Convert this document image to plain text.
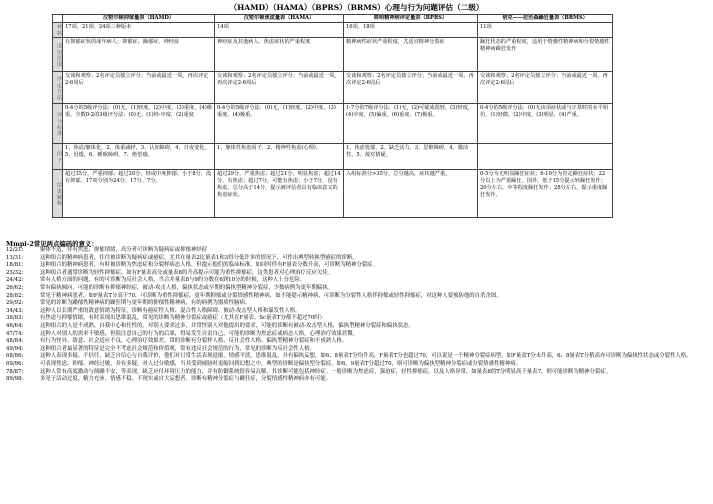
（HAMD）（HAMA）（BPRS）（BRMS）心理与行为问题评估（二级）
	汉密尔顿抑郁量表（HAMD）	汉密尔顿焦虑量表（HAMA）	简明精神病评定量表（BPRS）	倍克——拉范森躁狂量表（BRMS）
材料	17项、21项、24项三种版本	14项	16项、18项	11项
适用范围	有抑郁症状的成年病人；抑郁症、躁郁症、神经症	神经症及其他病人，焦虑症状的严重程度	精神病性症状严重程度，尤适宜精神分裂症	躁狂状态的严重程度，适用于情感性精神病和分裂情感性精神病躁狂发作
评定方法	交谈和观察；2名评定员独立评分；当前或最近一周，再次评定2-6周后	交谈和观察；2名评定员独立评分；当前或最近一周，再次评定2-6周后	交谈和观察；2名评定员独立评分；当前或最近一周，再次评定2-6周后	交谈和观察；2名评定员独立评分；当前或最近一周，再次评定2-6周后
评分标准	0-4分的5级评分法：(0)无，(1)轻度，(2)中度，(3)重度，(4)极重。少数0-2的3级评分法：(0)无，(1)轻-中度，(2)重度	0-4分的5级评分法：(0)无，(1)轻度，(2)中度，(3)重度，(4)极重。	1-7分的7级评分法：(1)无，(2)可疑或很轻，(3)轻度，(4)中度，(5)偏重，(6)重度，(7)极重。	0-4分的5级评分法：(0)无该项症状或与正常时的水平相仿，(1)轻微，(2)中度，(3)明显，(4)严重。
因子	1、焦虑/躯体化，2、体重减轻，3、认知障碍，4、日夜变化，5、迟缓，6、睡眠障碍，7、绝望感。	1、躯体性焦虑因子，2、精神性焦虑(心理)。	1、焦虑忧郁，2、缺乏活力，3、思维障碍，4、激活性，5、敌对猜疑。	
结果解释	超过35分，严重抑郁；超过20分，轻或中度抑郁；小于8分，没有抑郁。17项分别为24分、17分、7分。	超过29分，严重焦虑；超过21分，明显焦虑；超过14分，有焦虑；超过7分，可能有焦虑；小于7分，没有焦虑。总分高于14分，提示被评估者具有临床意义的焦虑症状。	入组标准分>35分，总分越高，症状越严重。	0-5分为无明显躁狂症状；6-10分为肯定躁狂症状；22分以上为严重躁狂。国外，低于15分提示轻躁狂发作；20分左右，中等程度躁狂发作；28分左右，提示重度躁狂发作。
Mmpi-2常见两点编码的意义：
12/21:	躯体不适，伴有焦虑、抑郁情绪，高分者可诊断为疑病症或抑郁神经症
13/31:	这种组合的精神病患者，往往被诊断为疑病症或癔症。尤其在量表2比量表1和3得分低许多的情况下，可作出典型转换型癔症的诊断。
18/81:	这种组合的精神病患者，有时被诊断为焦虑症和分裂样病态人格，但提示他们的临床标准，如同时伴有F量表分数升高，可诊断为精神分裂症。
23/32:	这种组合者通常诊断为轻性抑郁症，如有F量表高分或量表8的升高提示可能为重性抑郁症，这类患者对心理治疗反应欠佳。
24/42:	常有人格方面的问题，有的可诊断为反社会人格，当合并量表8与9的分数在6到10分的时候，这种人十分危险。
26/62:	常有偏执倾向，可能的诊断有抑郁神经症，被动-攻击人格，偏执状态或早期的偏执型精神分裂症，少数病例为更年期偏执。
28/82:	常见于精神病患者，如F量表T分高于70，可诊断为重性抑郁症，更年期抑郁或分裂情感性精神病，如不能提示精神病，可诊断为分裂性人格伴抑郁或轻性抑郁症，对这种人要预防他的自杀企图。
29/92:	常见的诊断为躁郁性精神病的躁狂期与更年期的抑郁性精神病，有的病例为器质性脑病。
34/43:	这种人以长期严重的敌意情绪为特征，诊断有癔症性人格、混合性人格障碍、被动-攻击型人格和暴发性人格。
38/83:	有焦虑与抑郁情绪，有时表现出思维混乱，常见的诊断为精神分裂症或癔症（尤其在F量表、Sc量表T分都不超过70时）
46/64:	这种组合的人是不成熟、自我中心和任性的，对别人要求过多，并常怪别人对他提出的要求，可能的诊断有被动-攻击型人格，偏执型精神分裂症和偏执状态。
47/74:	这种人对别人的需求不敏感，但很注意自己的行为的后果，得易发生自责自己，可能的诊断为焦虑症或病态人格，心理治疗效果甚微。
48/84:	有行为怪异、敌意、社会适应不良，心理治疗效果差，常的诊断有分裂样人格、反社会性人格、偏执型精神分裂症和不成熟人格。
49/94:	这种组合者最显著的特征是完全不考虑社会规范和价值观，常有违反社会规范的行为，常见的诊断为反社会性人格。
68/86:	这种人表现多疑、不信任、缺乏自信心与自我评价，他们对日常生活表现退缩，情感平淡，思维混乱，并有偏执妄想，如6、8量表T分均升高，F量表T分也超过70，可以说是一个精神分裂症病型。如F量表T分未升高，6、8量表T分稍高亦可诊断为偏执性状态或分裂性人格。
69/96:	可表现焦虑、抑郁、神经过敏，并有多疑，对人过分敏感，当其受到威胁时退缩回到幻想之中，典型的诊断是偏执型分裂症，如6、9量表T分超过70，则可诊断为偏执型精神分裂症或分裂情感性精神病。
78/87:	这种人常有高度激动与烦躁不安，等表现，缺乏应付环境压力的能力，并有防御系统很容易瓦解，其诊断可能包括神经症。一般诊断为焦虑症，强迫症，轻性抑郁症，以及人格异常，如量表8的T分明显高于量表7，则可能诊断为精神分裂症。
89/98:	多见于活动过度、精力充沛、情感不稳、不现实或自大妄想者。诊断有精神分裂症与躁狂症，分裂情感性精神病亦有可能。
